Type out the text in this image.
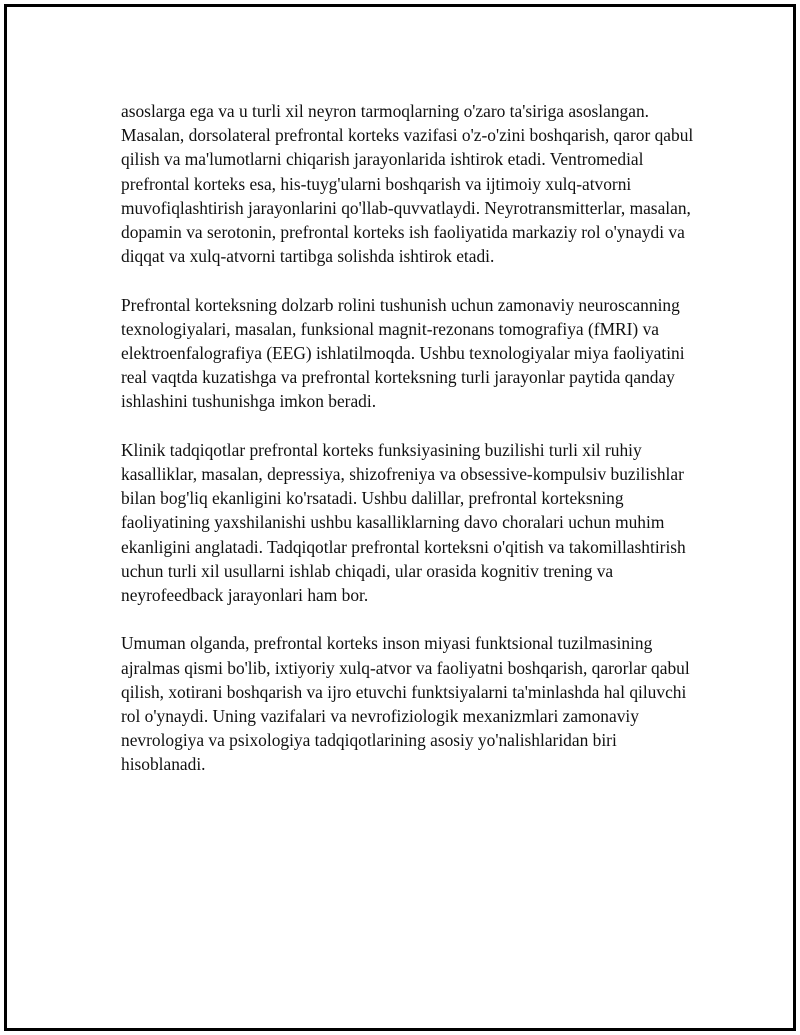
asoslarga ega va u turli xil neyron tarmoqlarning o'zaro ta'siriga asoslangan. Masalan, dorsolateral prefrontal korteks vazifasi o'z-o'zini boshqarish, qaror qabul qilish va ma'lumotlarni chiqarish jarayonlarida ishtirok etadi. Ventromedial prefrontal korteks esa, his-tuyg'ularni boshqarish va ijtimoiy xulq-atvorni muvofiqlashtirish jarayonlarini qo'llab-quvvatlaydi. Neyrotransmitterlar, masalan, dopamin va serotonin, prefrontal korteks ish faoliyatida markaziy rol o'ynaydi va diqqat va xulq-atvorni tartibga solishda ishtirok etadi.

Prefrontal korteksning dolzarb rolini tushunish uchun zamonaviy neuroscanning texnologiyalari, masalan, funksional magnit-rezonans tomografiya (fMRI) va elektroenfalografiya (EEG) ishlatilmoqda. Ushbu texnologiyalar miya faoliyatini real vaqtda kuzatishga va prefrontal korteksning turli jarayonlar paytida qanday ishlashini tushunishga imkon beradi.

Klinik tadqiqotlar prefrontal korteks funksiyasining buzilishi turli xil ruhiy kasalliklar, masalan, depressiya, shizofreniya va obsessive-kompulsiv buzilishlar bilan bog'liq ekanligini ko'rsatadi. Ushbu dalillar, prefrontal korteksning faoliyatining yaxshilanishi ushbu kasalliklarning davo choralari uchun muhim ekanligini anglatadi. Tadqiqotlar prefrontal korteksni o'qitish va takomillashtirish uchun turli xil usullarni ishlab chiqadi, ular orasida kognitiv trening va neyrofeedback jarayonlari ham bor.

Umuman olganda, prefrontal korteks inson miyasi funktsional tuzilmasining ajralmas qismi bo'lib, ixtiyoriy xulq-atvor va faoliyatni boshqarish, qarorlar qabul qilish, xotirani boshqarish va ijro etuvchi funktsiyalarni ta'minlashda hal qiluvchi rol o'ynaydi. Uning vazifalari va nevrofiziologik mexanizmlari zamonaviy nevrologiya va psixologiya tadqiqotlarining asosiy yo'nalishlaridan biri hisoblanadi.
